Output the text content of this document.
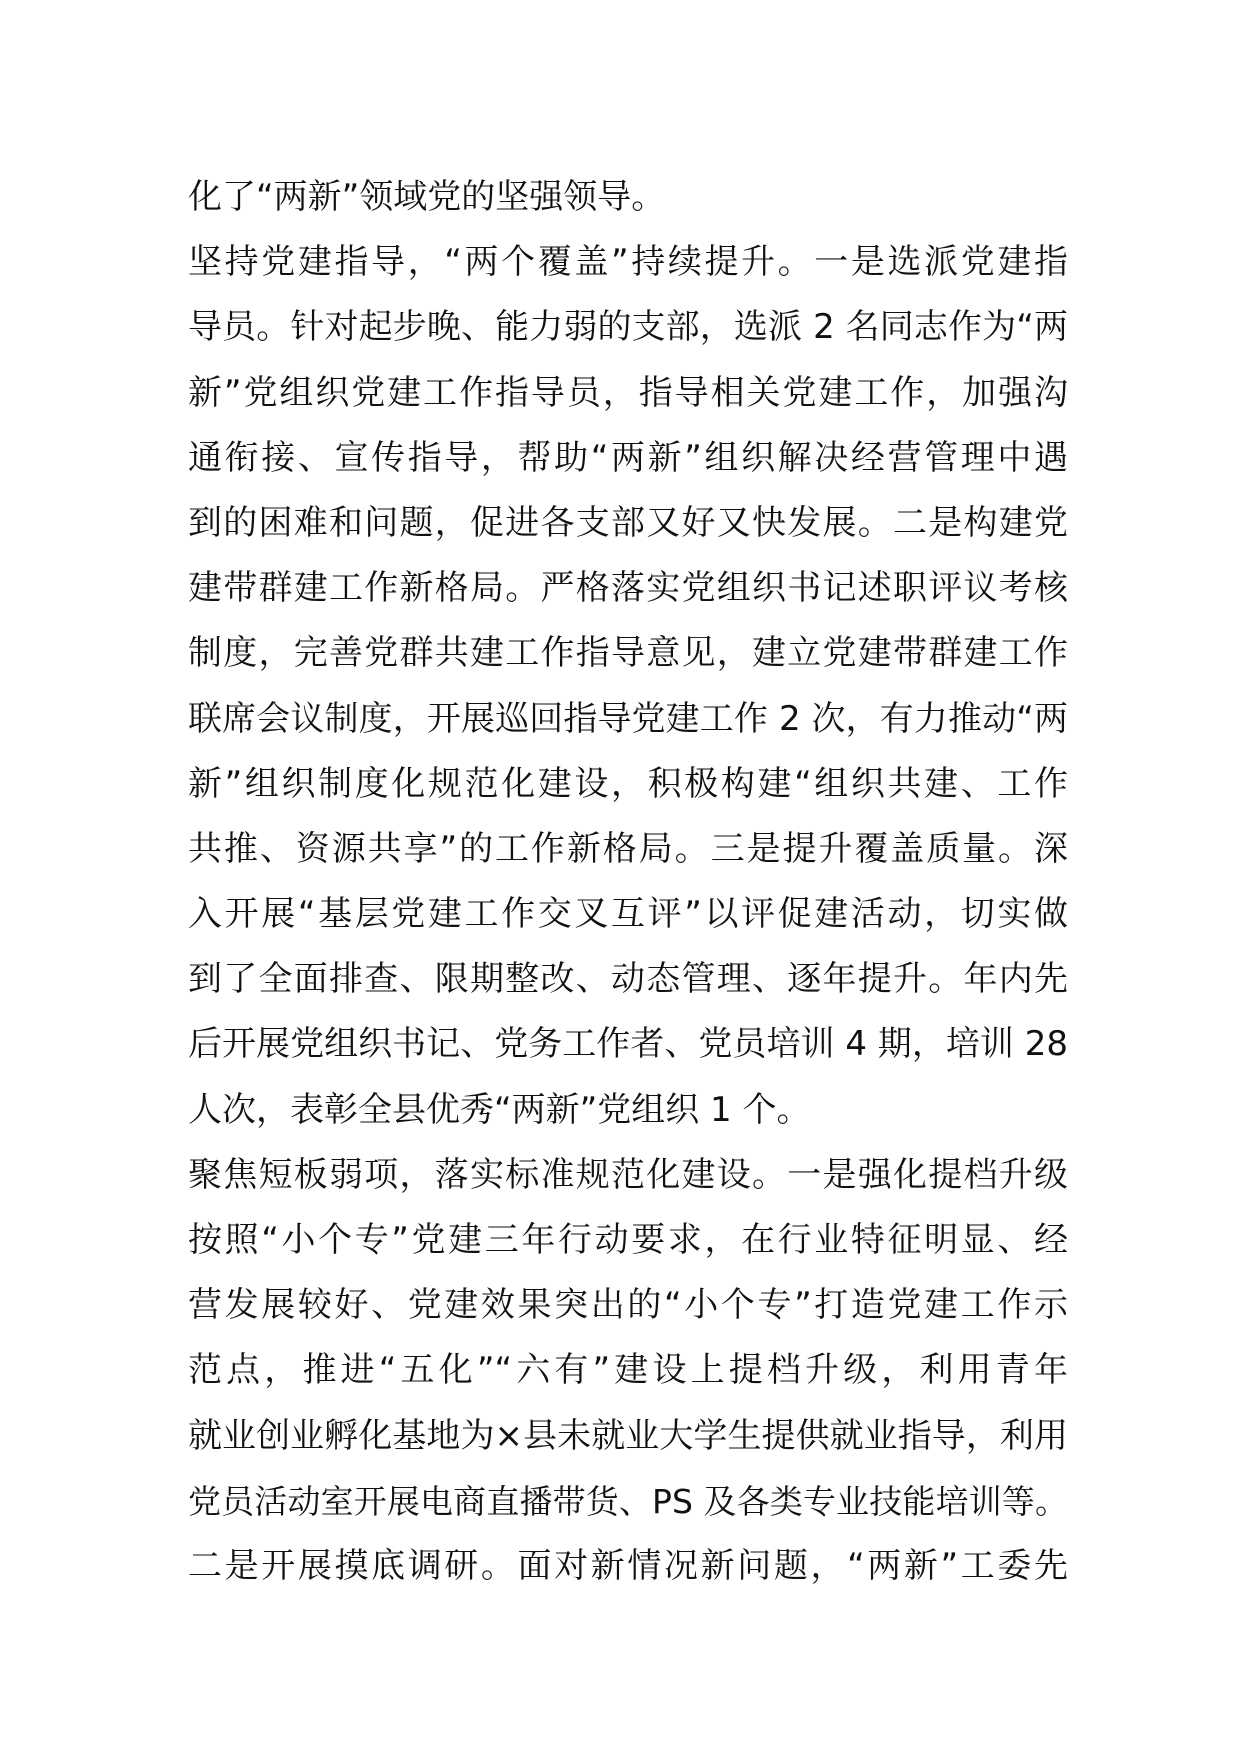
化了“两新”领域党的坚强领导。
坚持党建指导，“两个覆盖”持续提升。一是选派党建指
导员。针对起步晚、能力弱的支部，选派 2 名同志作为“两
新”党组织党建工作指导员，指导相关党建工作，加强沟
通衔接、宣传指导，帮助“两新”组织解决经营管理中遇
到的困难和问题，促进各支部又好又快发展。二是构建党
建带群建工作新格局。严格落实党组织书记述职评议考核
制度，完善党群共建工作指导意见，建立党建带群建工作
联席会议制度，开展巡回指导党建工作 2 次，有力推动“两
新”组织制度化规范化建设，积极构建“组织共建、工作
共推、资源共享”的工作新格局。三是提升覆盖质量。深
入开展“基层党建工作交叉互评”以评促建活动，切实做
到了全面排查、限期整改、动态管理、逐年提升。年内先
后开展党组织书记、党务工作者、党员培训 4 期，培训 28
人次，表彰全县优秀“两新”党组织 1 个。
聚焦短板弱项，落实标准规范化建设。一是强化提档升级
按照“小个专”党建三年行动要求，在行业特征明显、经
营发展较好、党建效果突出的“小个专”打造党建工作示
范点，推进“五化”“六有”建设上提档升级，利用青年
就业创业孵化基地为×县未就业大学生提供就业指导，利用
党员活动室开展电商直播带货、PS 及各类专业技能培训等。
二是开展摸底调研。面对新情况新问题，“两新”工委先
